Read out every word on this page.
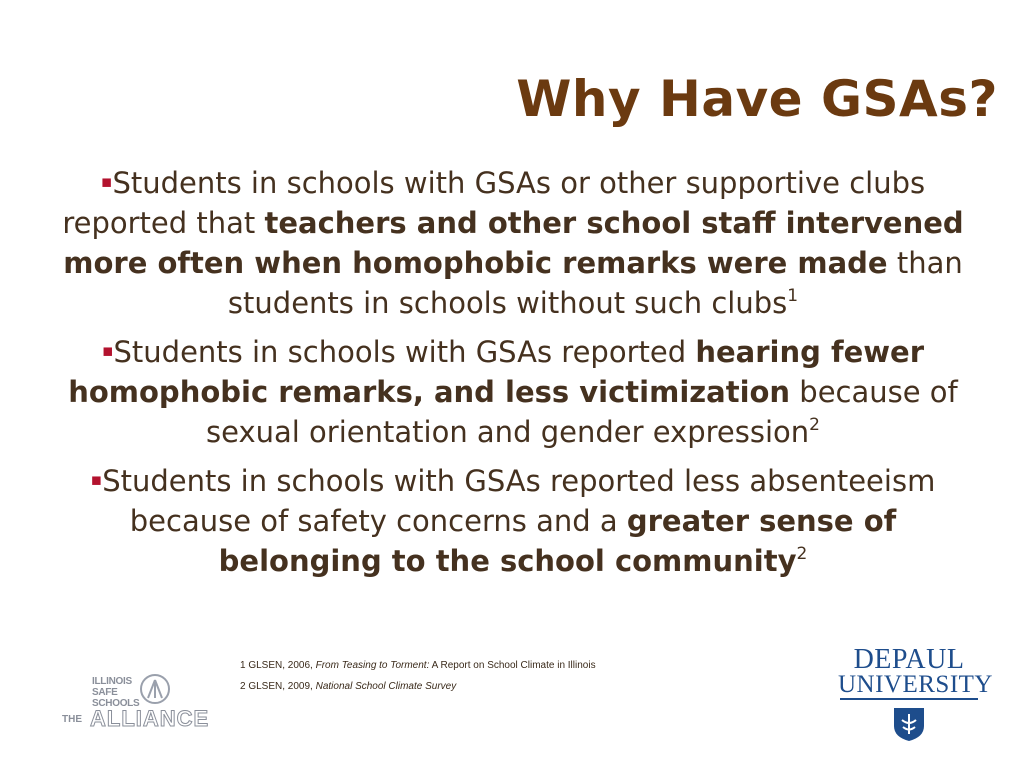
Why Have GSAs?

▪Students in schools with GSAs or other supportive clubs reported that teachers and other school staff intervened more often when homophobic remarks were made than students in schools without such clubs$^1$

▪Students in schools with GSAs reported hearing fewer homophobic remarks, and less victimization because of sexual orientation and gender expression$^2$

▪Students in schools with GSAs reported less absenteeism because of safety concerns and a greater sense of belonging to the school community$^2$

1 GLSEN, 2006, From Teasing to Torment: A Report on School Climate in Illinois
2 GLSEN, 2009, National School Climate Survey
ILLINOIS
SAFE
SCHOOLS
THE ALLIANCE
DEPAUL
UNIVERSITY
